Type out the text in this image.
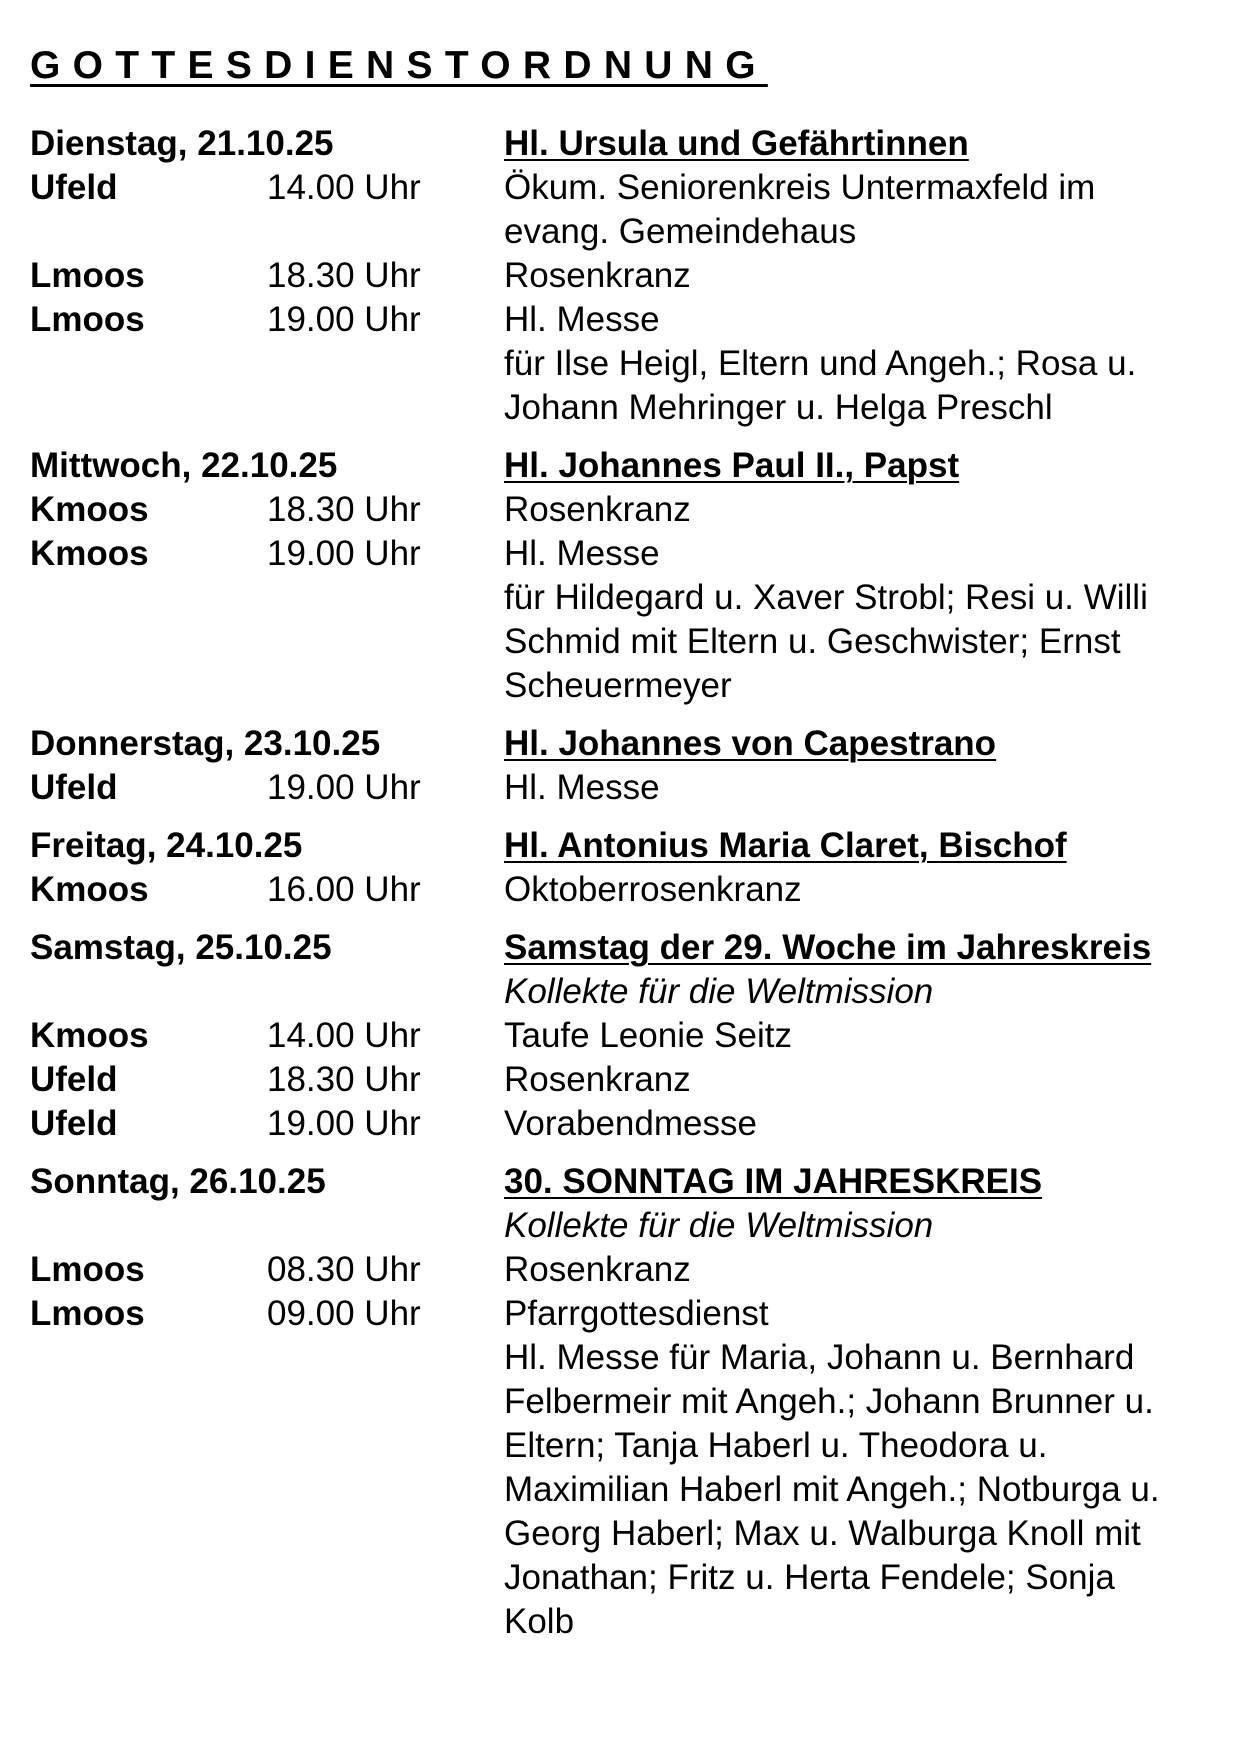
GOTTESDIENSTORDNUNG
Dienstag, 21.10.25	Hl. Ursula und Gefährtinnen
Ufeld	14.00 Uhr	Ökum. Seniorenkreis Untermaxfeld im
evang. Gemeindehaus
Lmoos	18.30 Uhr	Rosenkranz
Lmoos	19.00 Uhr	Hl. Messe
für Ilse Heigl, Eltern und Angeh.; Rosa u.
Johann Mehringer u. Helga Preschl
Mittwoch, 22.10.25	Hl. Johannes Paul II., Papst
Kmoos	18.30 Uhr	Rosenkranz
Kmoos	19.00 Uhr	Hl. Messe
für Hildegard u. Xaver Strobl; Resi u. Willi
Schmid mit Eltern u. Geschwister; Ernst
Scheuermeyer
Donnerstag, 23.10.25	Hl. Johannes von Capestrano
Ufeld	19.00 Uhr	Hl. Messe
Freitag, 24.10.25	Hl. Antonius Maria Claret, Bischof
Kmoos	16.00 Uhr	Oktoberrosenkranz
Samstag, 25.10.25	Samstag der 29. Woche im Jahreskreis
Kollekte für die Weltmission
Kmoos	14.00 Uhr	Taufe Leonie Seitz
Ufeld	18.30 Uhr	Rosenkranz
Ufeld	19.00 Uhr	Vorabendmesse
Sonntag, 26.10.25	30. SONNTAG IM JAHRESKREIS
Kollekte für die Weltmission
Lmoos	08.30 Uhr	Rosenkranz
Lmoos	09.00 Uhr	Pfarrgottesdienst
Hl. Messe für Maria, Johann u. Bernhard
Felbermeir mit Angeh.; Johann Brunner u.
Eltern; Tanja Haberl u. Theodora u.
Maximilian Haberl mit Angeh.; Notburga u.
Georg Haberl; Max u. Walburga Knoll mit
Jonathan; Fritz u. Herta Fendele; Sonja
Kolb
